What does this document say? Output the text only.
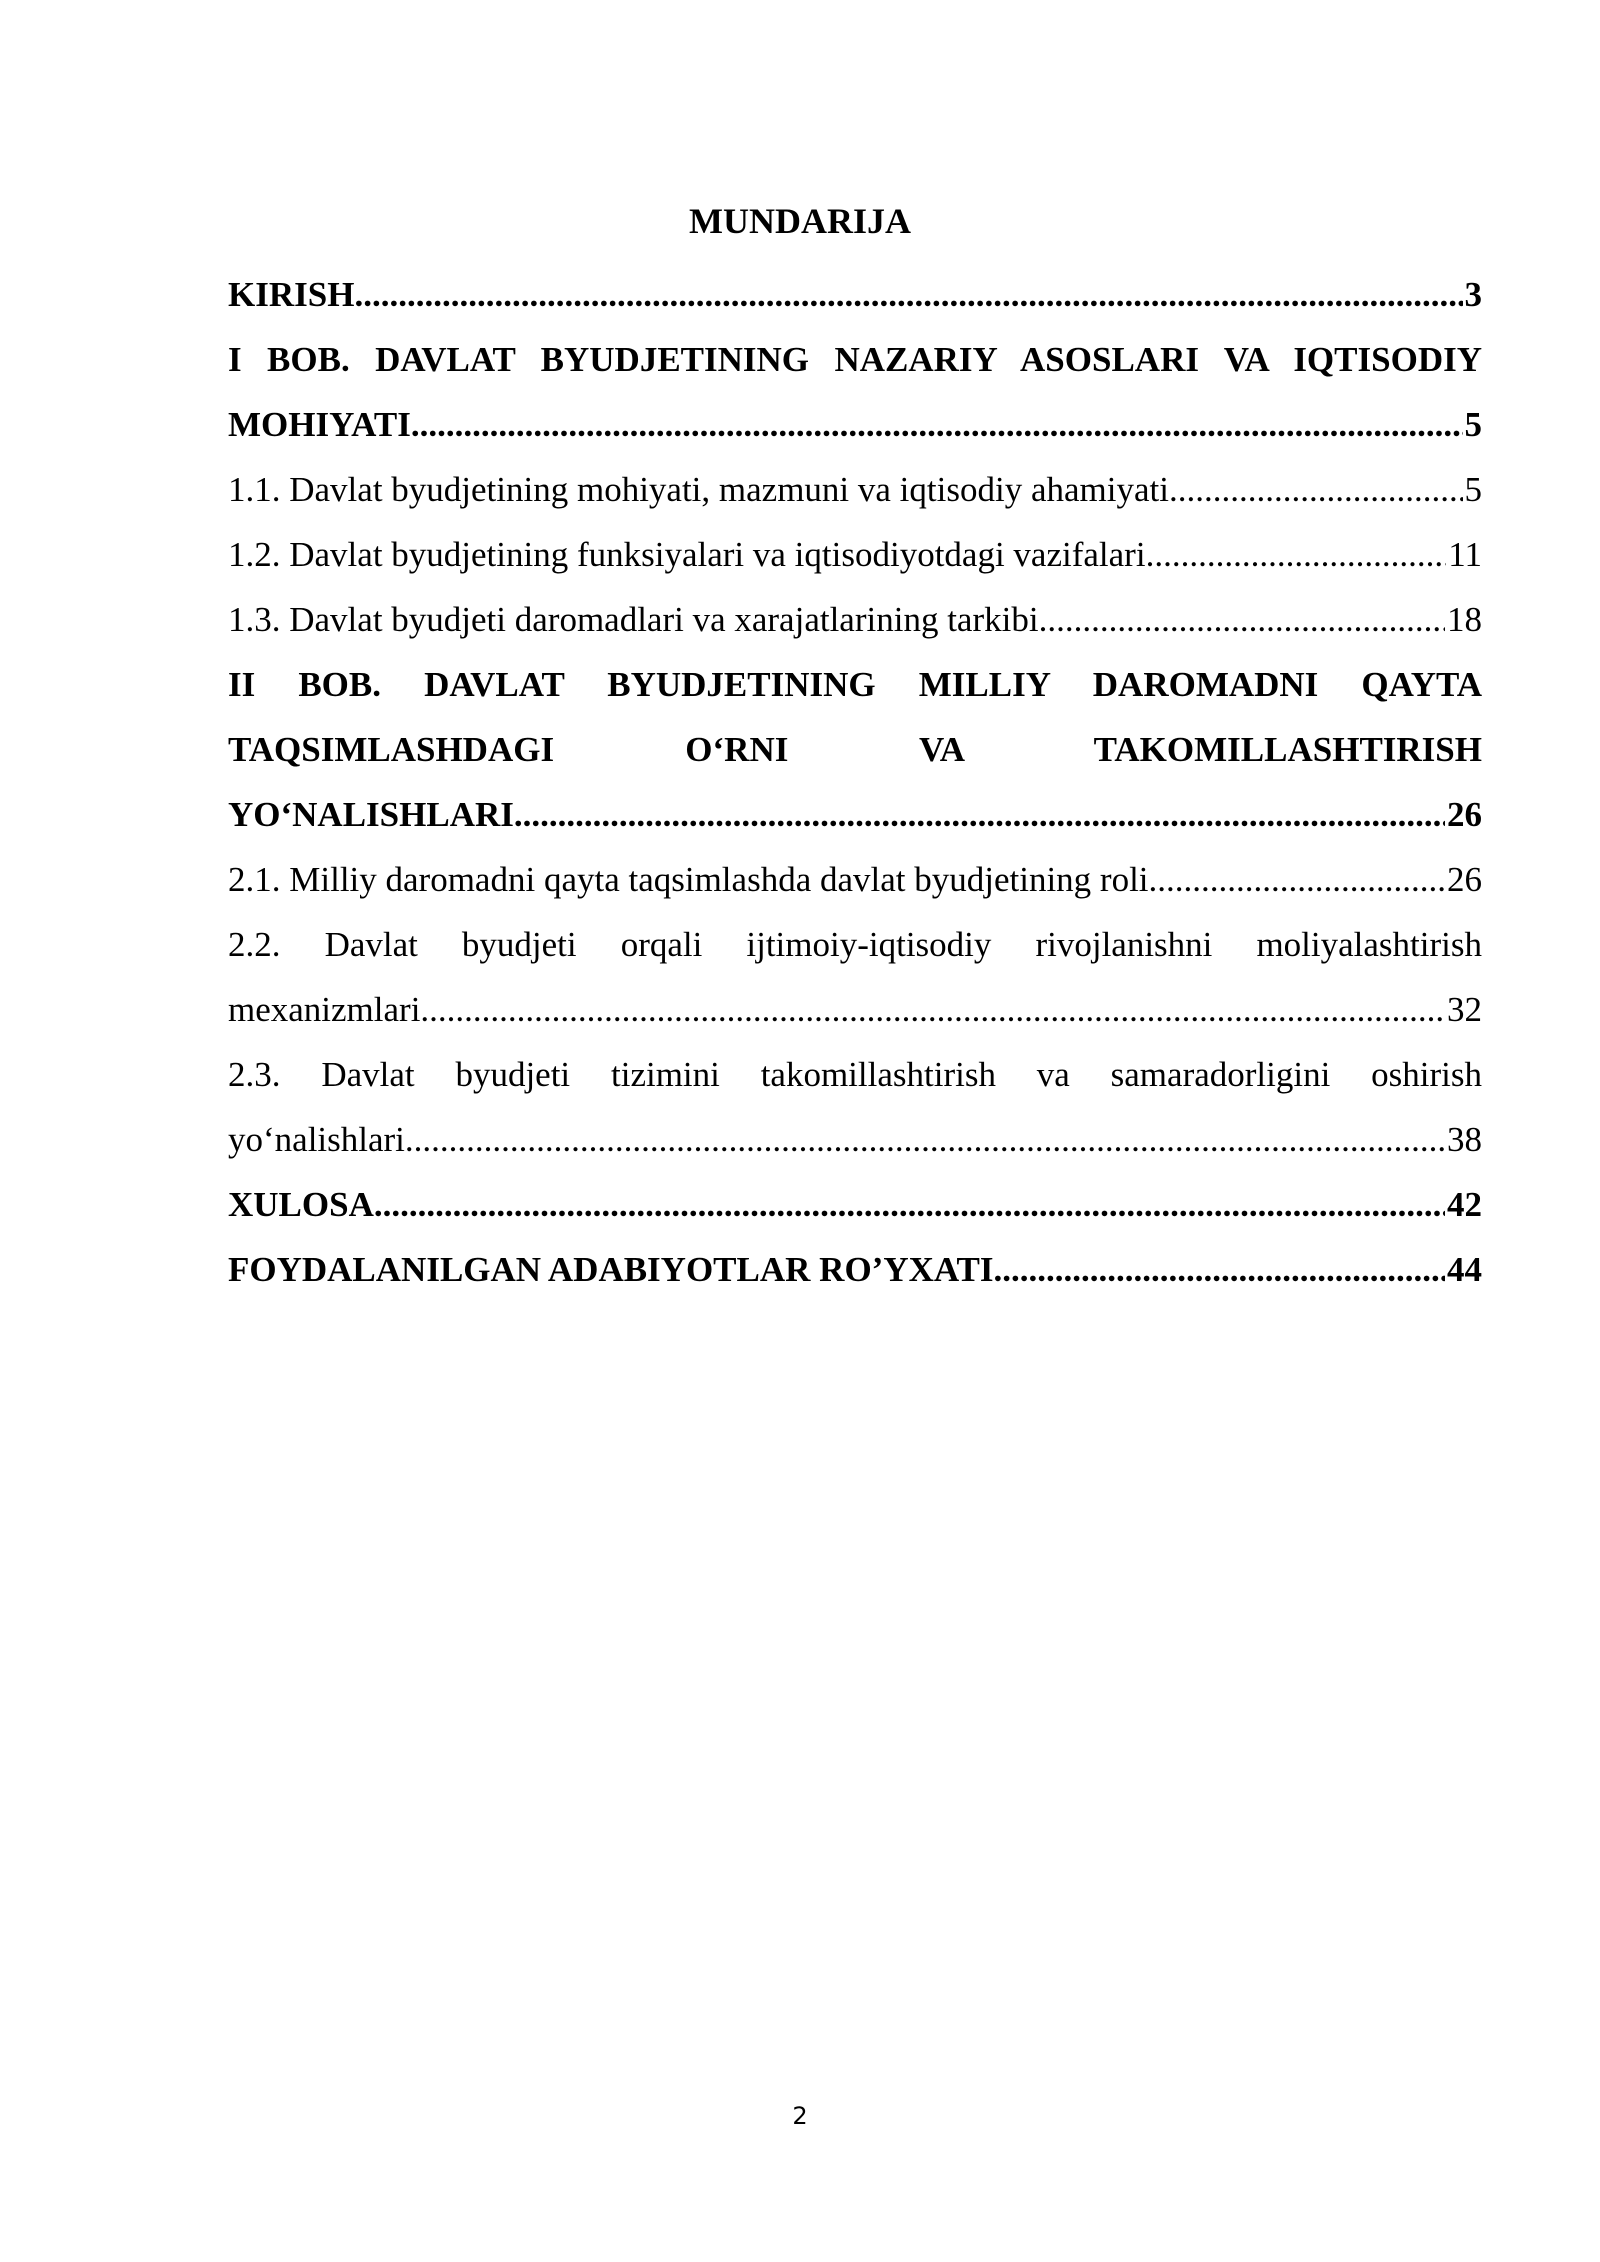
MUNDARIJA
KIRISH .....	3
I BOB. DAVLAT BYUDJETINING NAZARIY ASOSLARI VA IQTISODIY
MOHIYATI .....	5
1.1. Davlat byudjetining mohiyati, mazmuni va iqtisodiy ahamiyati .....	5
1.2. Davlat byudjetining funksiyalari va iqtisodiyotdagi vazifalari .....	11
1.3. Davlat byudjeti daromadlari va xarajatlarining tarkibi .....	18
II BOB. DAVLAT BYUDJETINING MILLIY DAROMADNI QAYTA
TAQSIMLASHDAGI O‘RNI VA TAKOMILLASHTIRISH
YO‘NALISHLARI .....	26
2.1. Milliy daromadni qayta taqsimlashda davlat byudjetining roli .....	26
2.2. Davlat byudjeti orqali ijtimoiy-iqtisodiy rivojlanishni moliyalashtirish
mexanizmlari .....	32
2.3. Davlat byudjeti tizimini takomillashtirish va samaradorligini oshirish
yo‘nalishlari .....	38
XULOSA .....	42
FOYDALANILGAN ADABIYOTLAR RO’YXATI .....	44
2
